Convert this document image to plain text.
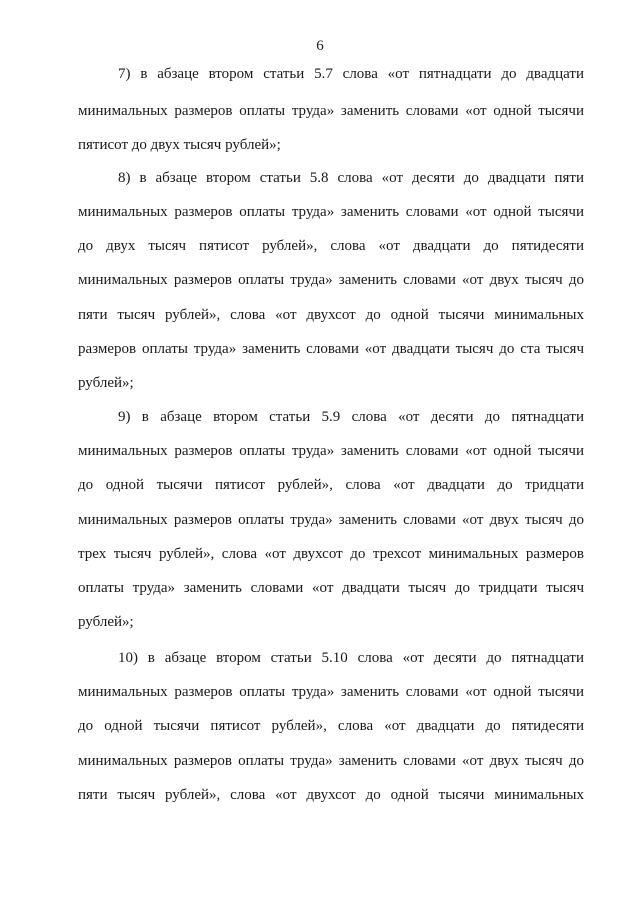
6
7) в абзаце втором статьи 5.7 слова «от пятнадцати до двадцати
минимальных размеров оплаты труда» заменить словами «от одной тысячи
пятисот до двух тысяч рублей»;
8) в абзаце втором статьи 5.8 слова «от десяти до двадцати пяти
минимальных размеров оплаты труда» заменить словами «от одной тысячи
до двух тысяч пятисот рублей», слова «от двадцати до пятидесяти
минимальных размеров оплаты труда» заменить словами «от двух тысяч до
пяти тысяч рублей», слова «от двухсот до одной тысячи минимальных
размеров оплаты труда» заменить словами «от двадцати тысяч до ста тысяч
рублей»;
9) в абзаце втором статьи 5.9 слова «от десяти до пятнадцати
минимальных размеров оплаты труда» заменить словами «от одной тысячи
до одной тысячи пятисот рублей», слова «от двадцати до тридцати
минимальных размеров оплаты труда» заменить словами «от двух тысяч до
трех тысяч рублей», слова «от двухсот до трехсот минимальных размеров
оплаты труда» заменить словами «от двадцати тысяч до тридцати тысяч
рублей»;
10) в абзаце втором статьи 5.10 слова «от десяти до пятнадцати
минимальных размеров оплаты труда» заменить словами «от одной тысячи
до одной тысячи пятисот рублей», слова «от двадцати до пятидесяти
минимальных размеров оплаты труда» заменить словами «от двух тысяч до
пяти тысяч рублей», слова «от двухсот до одной тысячи минимальных
